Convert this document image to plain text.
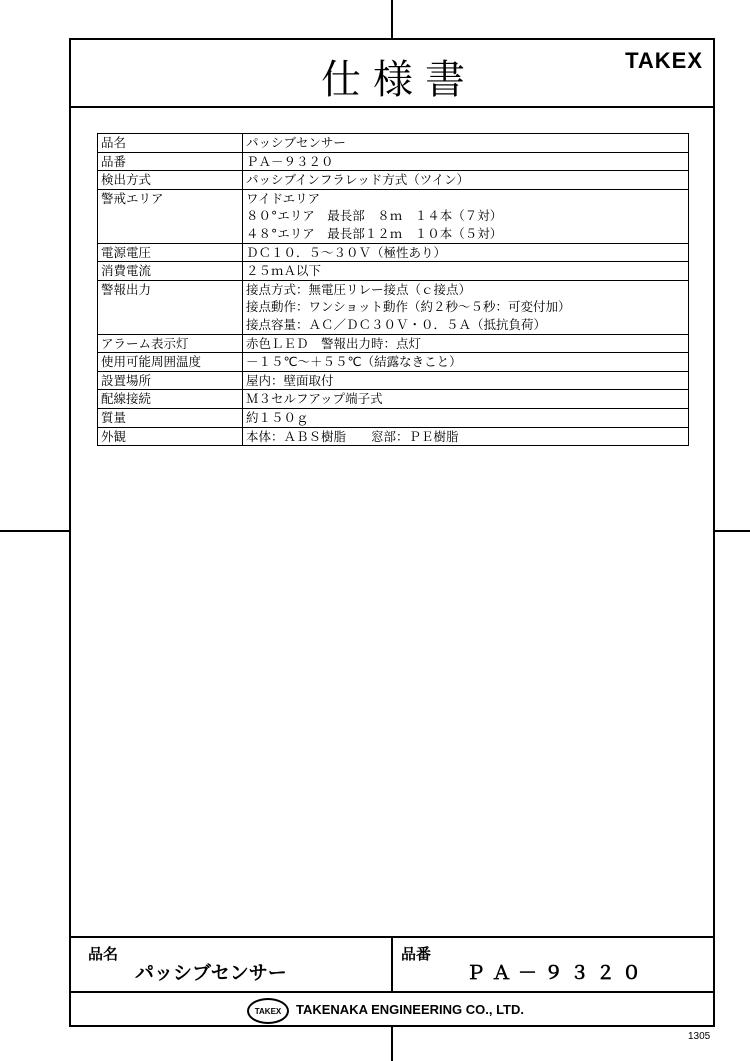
仕様書	TAKEX
品名	パッシブセンサー

品番	ＰＡ－９３２０

検出方式	パッシブインフラレッド方式（ツイン）

警戒エリア	ワイドエリア
８０°エリア　最長部　８ｍ　１４本（７対）
４８°エリア　最長部１２ｍ　１０本（５対）

電源電圧	ＤＣ１０．５～３０Ｖ（極性あり）

消費電流	２５ｍＡ以下

警報出力	接点方式：無電圧リレー接点（ｃ接点）
接点動作：ワンショット動作（約２秒～５秒：可変付加）
接点容量：ＡＣ／ＤＣ３０Ｖ・０．５Ａ（抵抗負荷）

アラーム表示灯	赤色ＬＥＤ　警報出力時：点灯

使用可能周囲温度	－１５℃～＋５５℃（結露なきこと）

設置場所	屋内：壁面取付

配線接続	Ｍ３セルフアップ端子式

質量	約１５０ｇ

外観	本体：ＡＢＳ樹脂　　窓部：ＰＥ樹脂
品名
パッシブセンサー
品番
ＰＡ－９３２０
TAKEX	TAKENAKA ENGINEERING CO., LTD.
1305
